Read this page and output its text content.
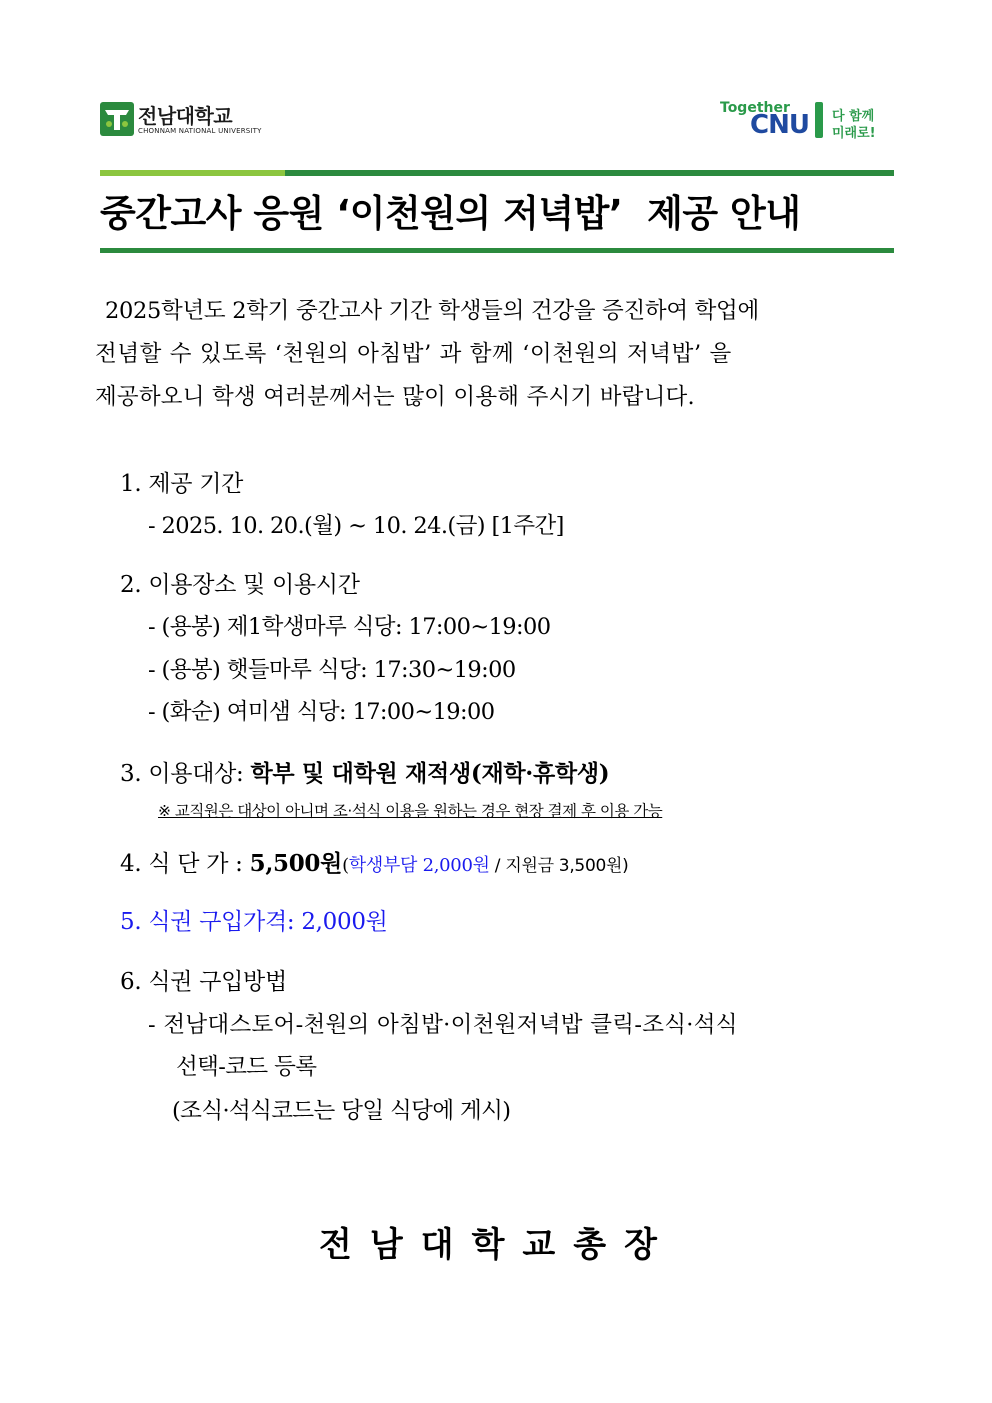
전남대학교
CHONNAM NATIONAL UNIVERSITY
Together
CNU 다 함께
미래로!
중간고사 응원 ‘이천원의 저녁밥’  제공 안내
2025학년도 2학기 중간고사 기간 학생들의 건강을 증진하여 학업에
전념할 수 있도록 ‘천원의 아침밥’ 과 함께 ‘이천원의 저녁밥’ 을
제공하오니 학생 여러분께서는 많이 이용해 주시기 바랍니다.
1. 제공 기간
- 2025. 10. 20.(월) ~ 10. 24.(금) [1주간]
2. 이용장소 및 이용시간
- (용봉) 제1학생마루 식당: 17:00~19:00
- (용봉) 햇들마루 식당: 17:30~19:00
- (화순) 여미샘 식당: 17:00~19:00
3. 이용대상: 학부 및 대학원 재적생(재학·휴학생)
※ 교직원은 대상이 아니며 조·석식 이용을 원하는 경우 현장 결제 후 이용 가능
4. 식 단 가 : 5,500원(학생부담 2,000원 / 지원금 3,500원)
5. 식권 구입가격: 2,000원
6. 식권 구입방법
- 전남대스토어-천원의 아침밥·이천원저녁밥 클릭-조식·석식
선택-코드 등록
(조식·석식코드는 당일 식당에 게시)
전남대학교총장
